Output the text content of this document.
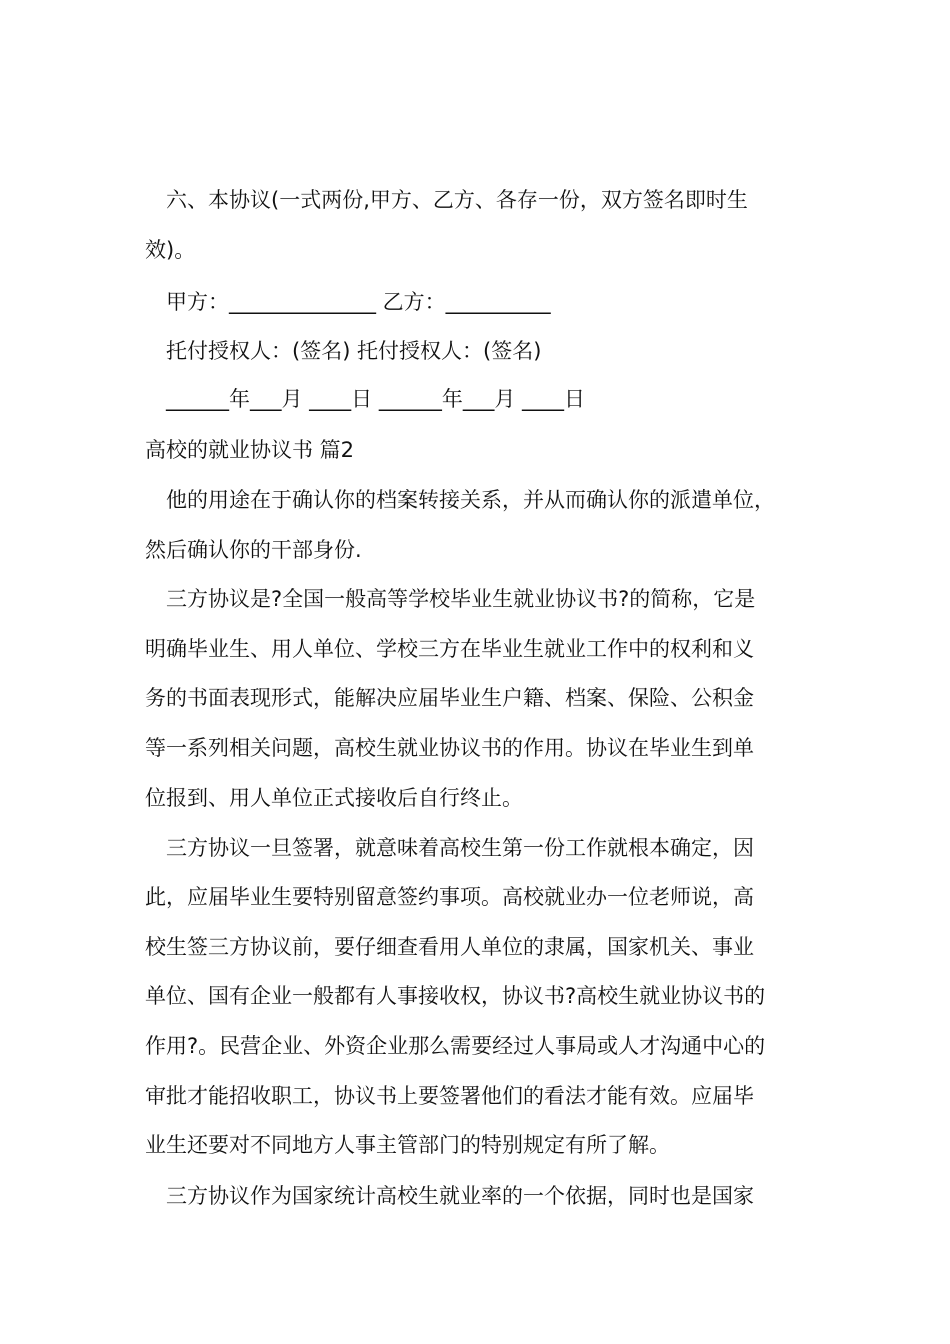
六、本协议(一式两份,甲方、乙方、各存一份，双方签名即时生
效)。
甲方：______________ 乙方：__________
托付授权人：(签名) 托付授权人：(签名)
______年___月 ____日 ______年___月 ____日
高校的就业协议书 篇2
他的用途在于确认你的档案转接关系，并从而确认你的派遣单位，
然后确认你的干部身份.
三方协议是?全国一般高等学校毕业生就业协议书?的简称，它是
明确毕业生、用人单位、学校三方在毕业生就业工作中的权利和义
务的书面表现形式，能解决应届毕业生户籍、档案、保险、公积金
等一系列相关问题，高校生就业协议书的作用。协议在毕业生到单
位报到、用人单位正式接收后自行终止。
三方协议一旦签署，就意味着高校生第一份工作就根本确定，因
此，应届毕业生要特别留意签约事项。高校就业办一位老师说，高
校生签三方协议前，要仔细查看用人单位的隶属，国家机关、事业
单位、国有企业一般都有人事接收权，协议书?高校生就业协议书的
作用?。民营企业、外资企业那么需要经过人事局或人才沟通中心的
审批才能招收职工，协议书上要签署他们的看法才能有效。应届毕
业生还要对不同地方人事主管部门的特别规定有所了解。
三方协议作为国家统计高校生就业率的一个依据，同时也是国家
